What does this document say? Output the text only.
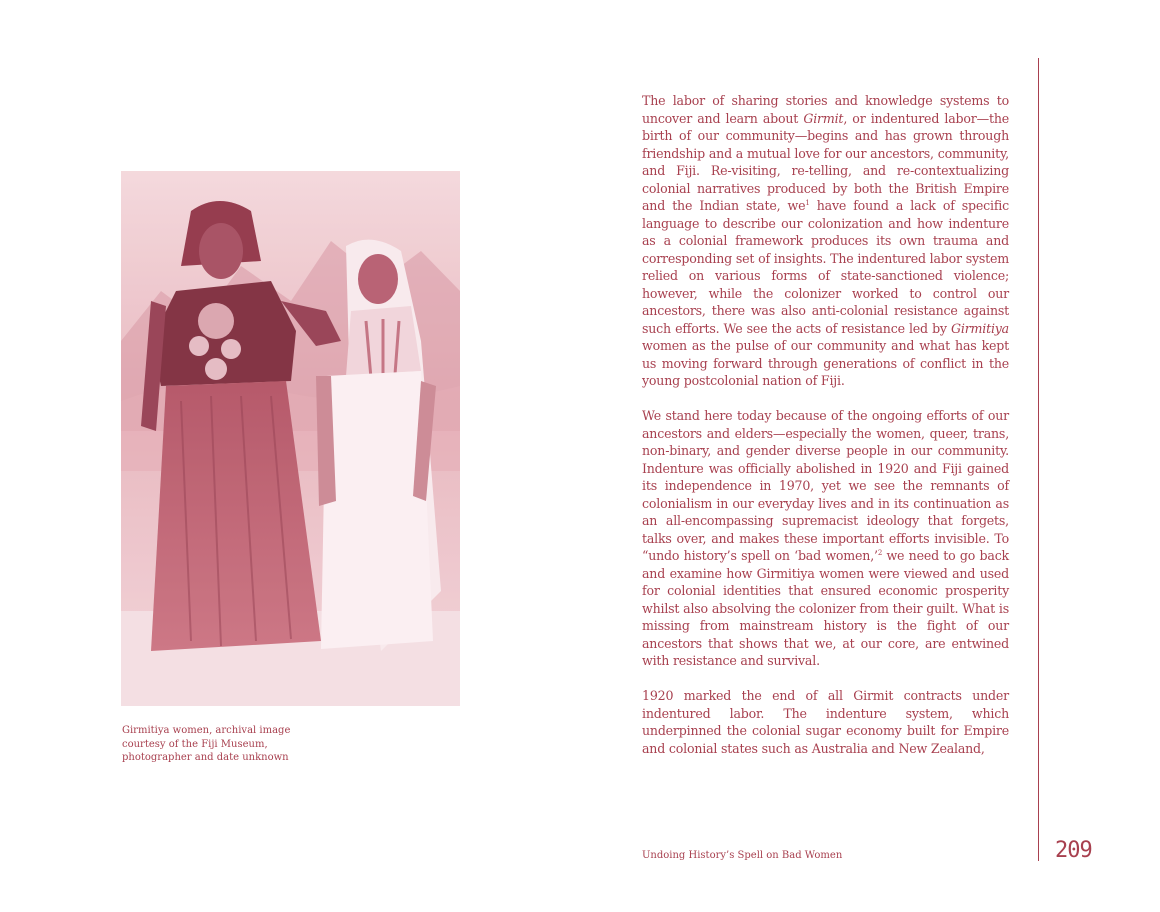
Girmitiya women, archival image
courtesy of the Fiji Museum,
photographer and date unknown

The labor of sharing stories and knowledge systems to uncover and learn about Girmit, or indentured labor—the birth of our community—begins and has grown through friendship and a mutual love for our ancestors, community, and Fiji. Re-visiting, re-telling, and re-contextualizing colonial narratives produced by both the British Empire and the Indian state, $we^1$ have found a lack of specific language to describe our colonization and how indenture as a colonial framework produces its own trauma and corresponding set of insights. The indentured labor system relied on various forms of state-sanctioned violence; however, while the colonizer worked to control our ancestors, there was also anti-colonial resistance against such efforts. We see the acts of resistance led by Girmitiya women as the pulse of our community and what has kept us moving forward through generations of conflict in the young postcolonial nation of Fiji.

We stand here today because of the ongoing efforts of our ancestors and elders—especially the women, queer, trans, non-binary, and gender diverse people in our community. Indenture was officially abolished in 1920 and Fiji gained its independence in 1970, yet we see the remnants of colonialism in our everyday lives and in its continuation as an all-encompassing supremacist ideology that forgets, talks over, and makes these important efforts invisible. To “undo history’s spell on ‘bad women,’$^2$ we need to go back and examine how Girmitiya women were viewed and used for colonial identities that ensured economic prosperity whilst also absolving the colonizer from their guilt. What is missing from mainstream history is the fight of our ancestors that shows that we, at our core, are entwined with resistance and survival.

1920 marked the end of all Girmit contracts under indentured labor. The indenture system, which underpinned the colonial sugar economy built for Empire and colonial states such as Australia and New Zealand,

Undoing History’s Spell on Bad Women	209
